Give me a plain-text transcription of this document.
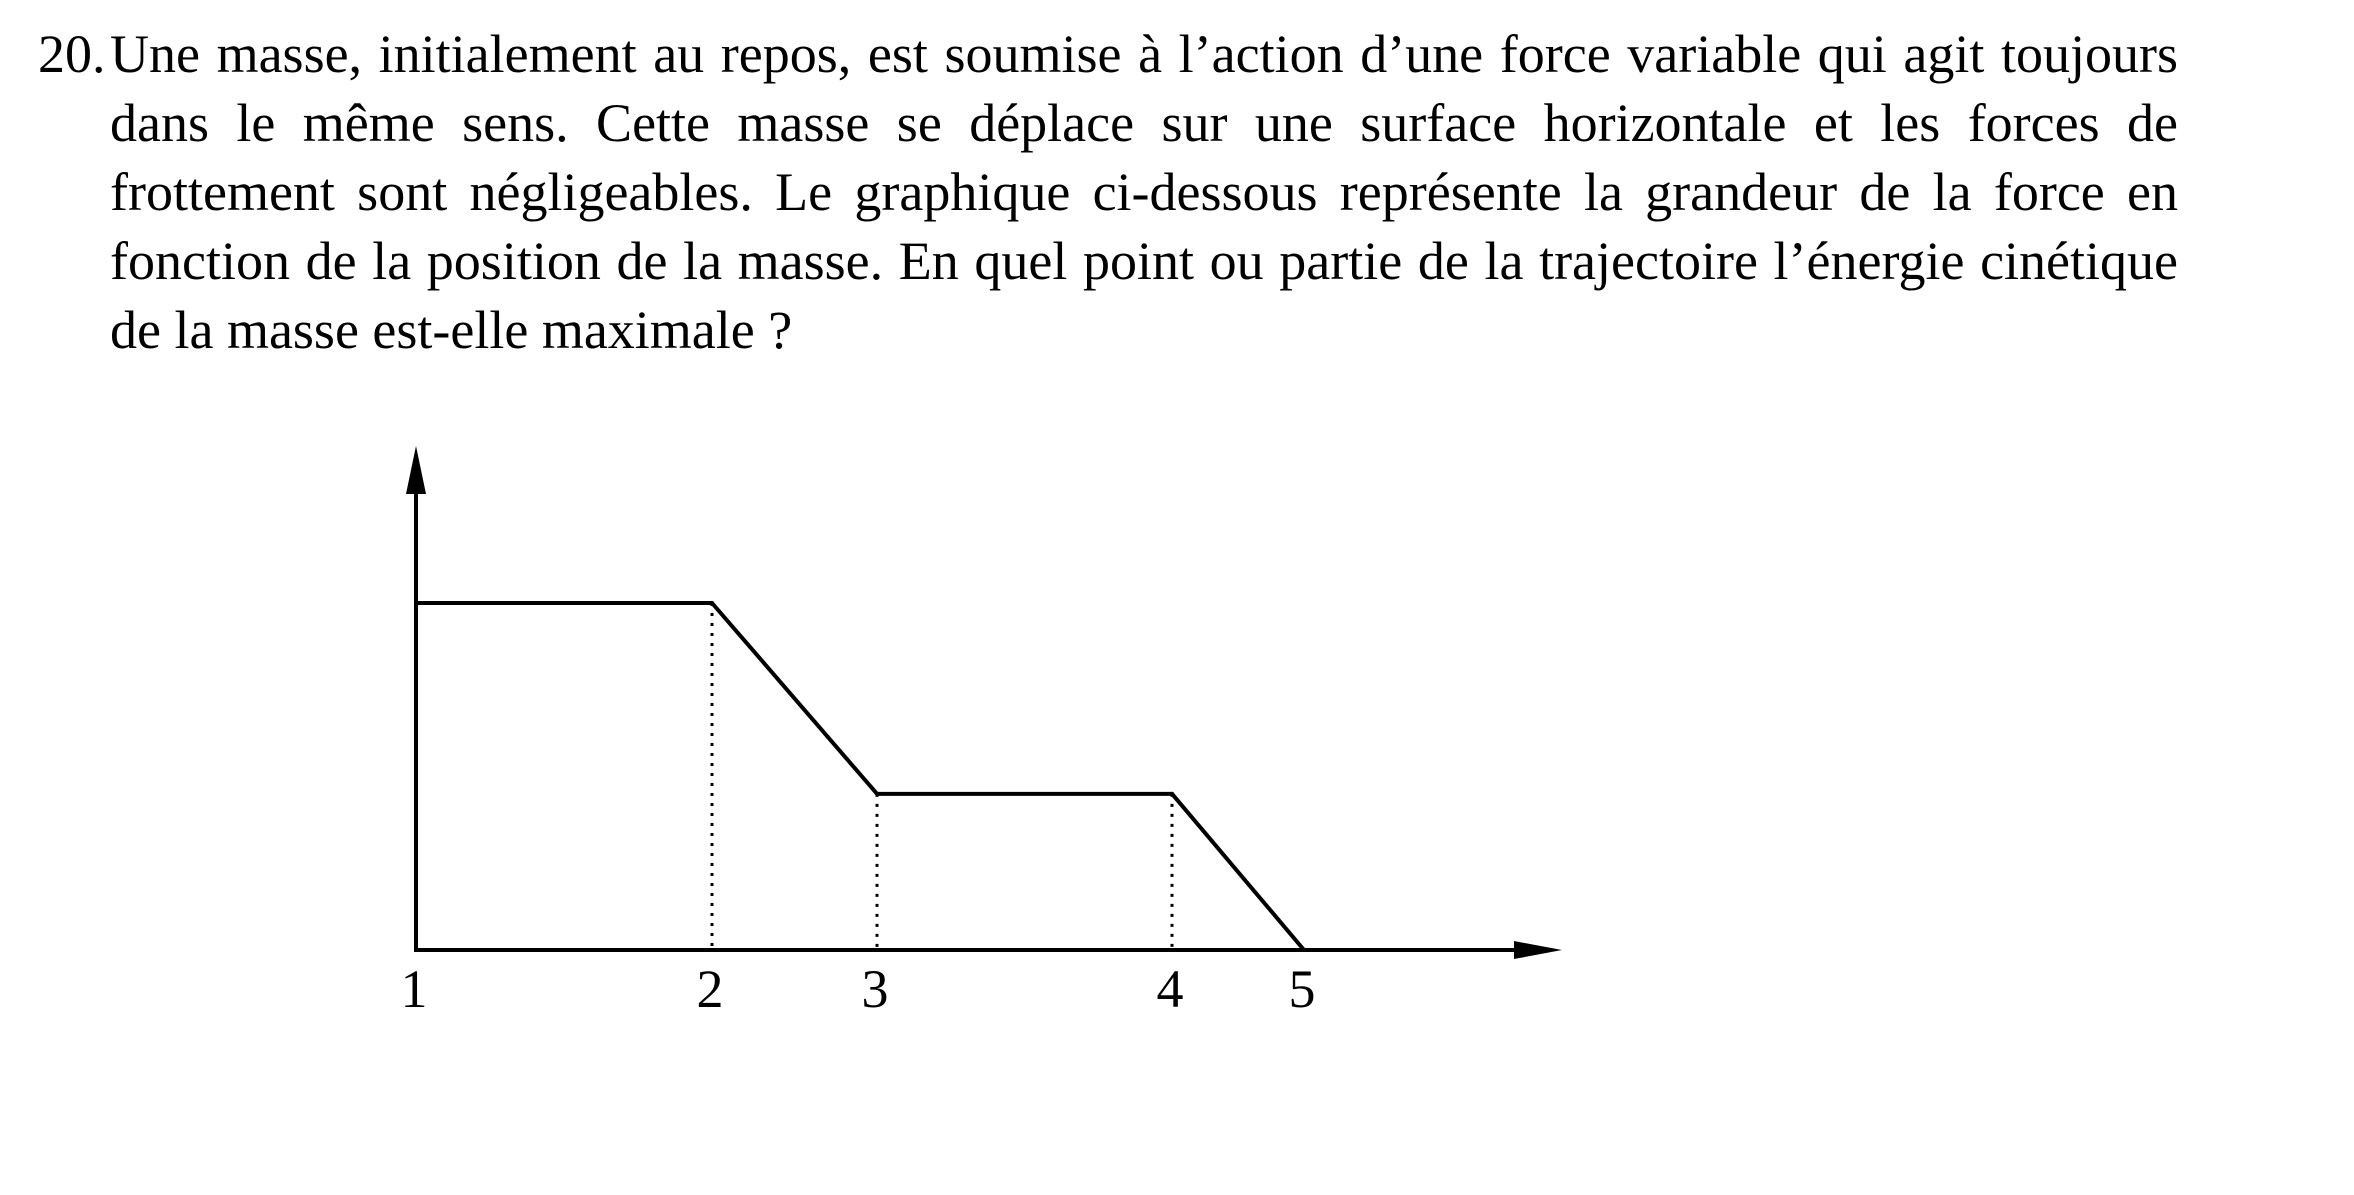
20. Une masse, initialement au repos, est soumise à l’action d’une force variable qui agit toujours dans le même sens. Cette masse se déplace sur une surface horizontale et les forces de frottement sont négligeables. Le graphique ci-dessous représente la grandeur de la force en fonction de la position de la masse. En quel point ou partie de la trajectoire l’énergie cinétique de la masse est-elle maximale ?
1	2	3	4 5
